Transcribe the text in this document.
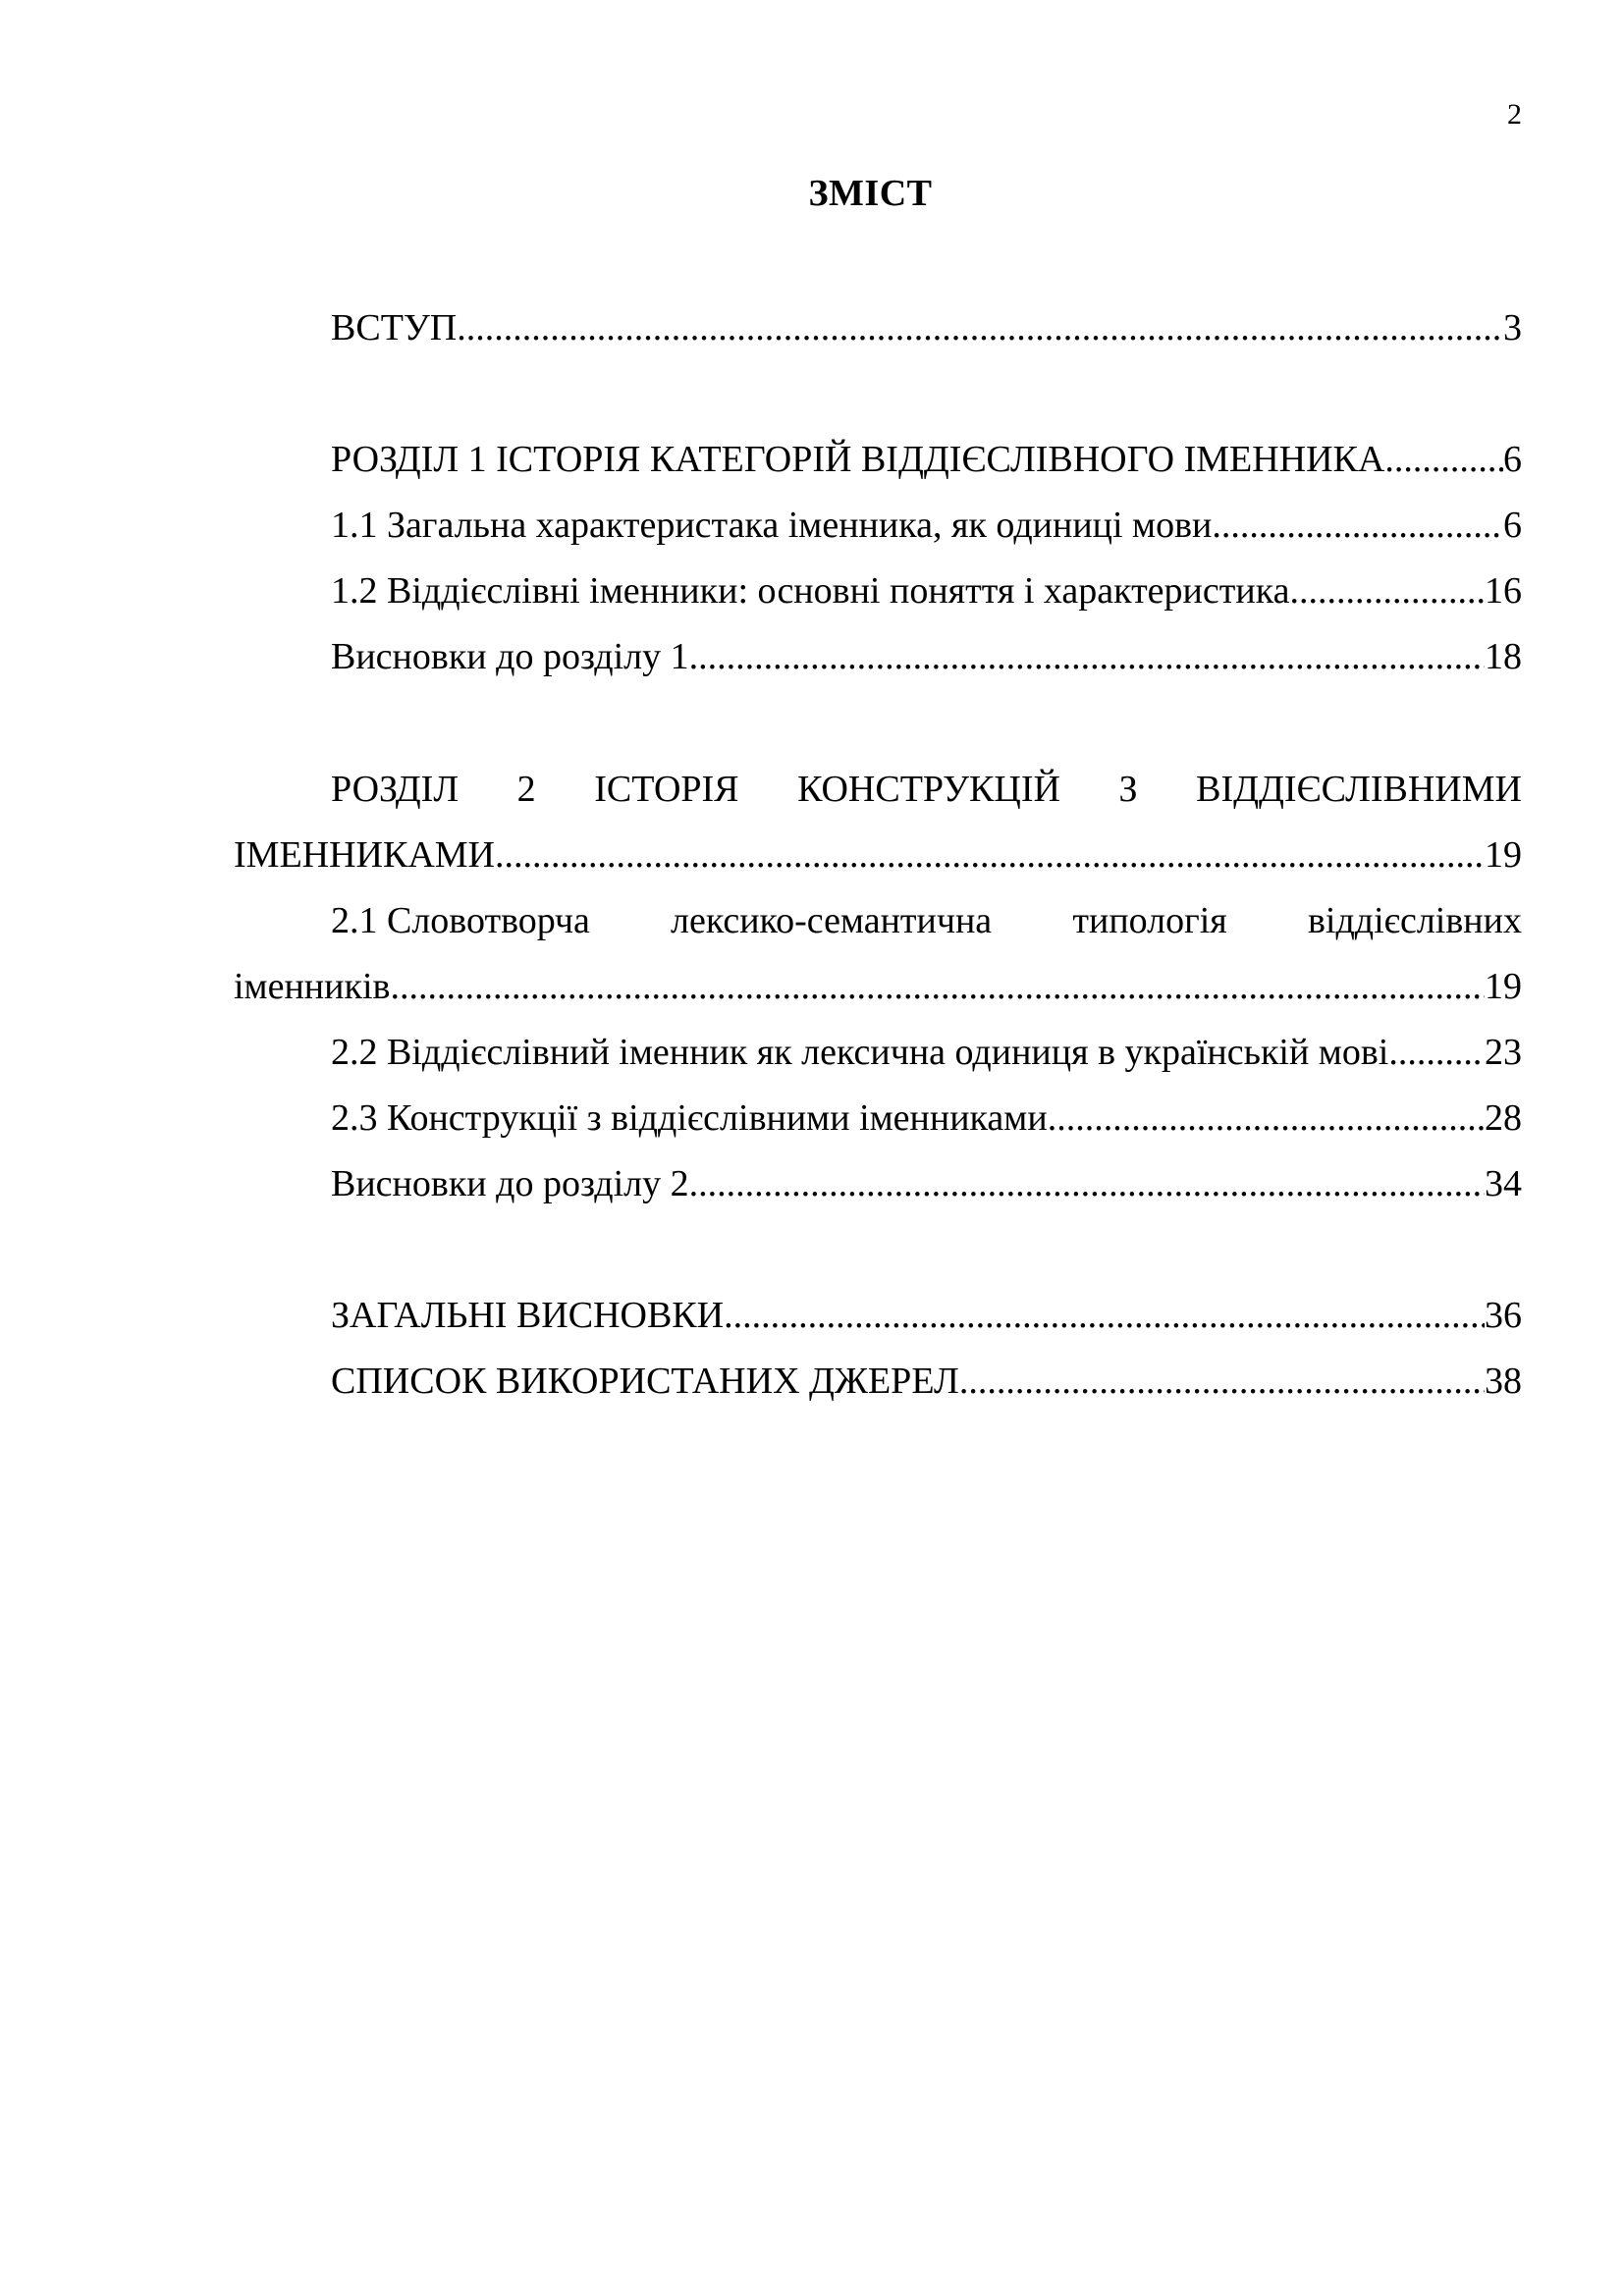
2
ЗМІСТ
ВСТУП .....	3
РОЗДІЛ 1 ІСТОРІЯ КАТЕГОРІЙ ВІДДІЄСЛІВНОГО ІМЕННИКА .....	6
1.1 Загальна характеристака іменника, як одиниці мови .....	6
1.2 Віддієслівні іменники: основні поняття і характеристика .....	16
Висновки до розділу 1 .....	18
РОЗДІЛ 2 ІСТОРІЯ КОНСТРУКЦІЙ З ВІДДІЄСЛІВНИМИ
ІМЕННИКАМИ .....	19
2.1 Словотворча лексико-семантична типологія віддієслівних
іменників .....	19
2.2 Віддієслівний іменник як лексична одиниця в українській мові .....	23
2.3 Конструкції з віддієслівними іменниками .....	28
Висновки до розділу 2 .....	34
ЗАГАЛЬНІ ВИСНОВКИ .....	36
СПИСОК ВИКОРИСТАНИХ ДЖЕРЕЛ .....	38
